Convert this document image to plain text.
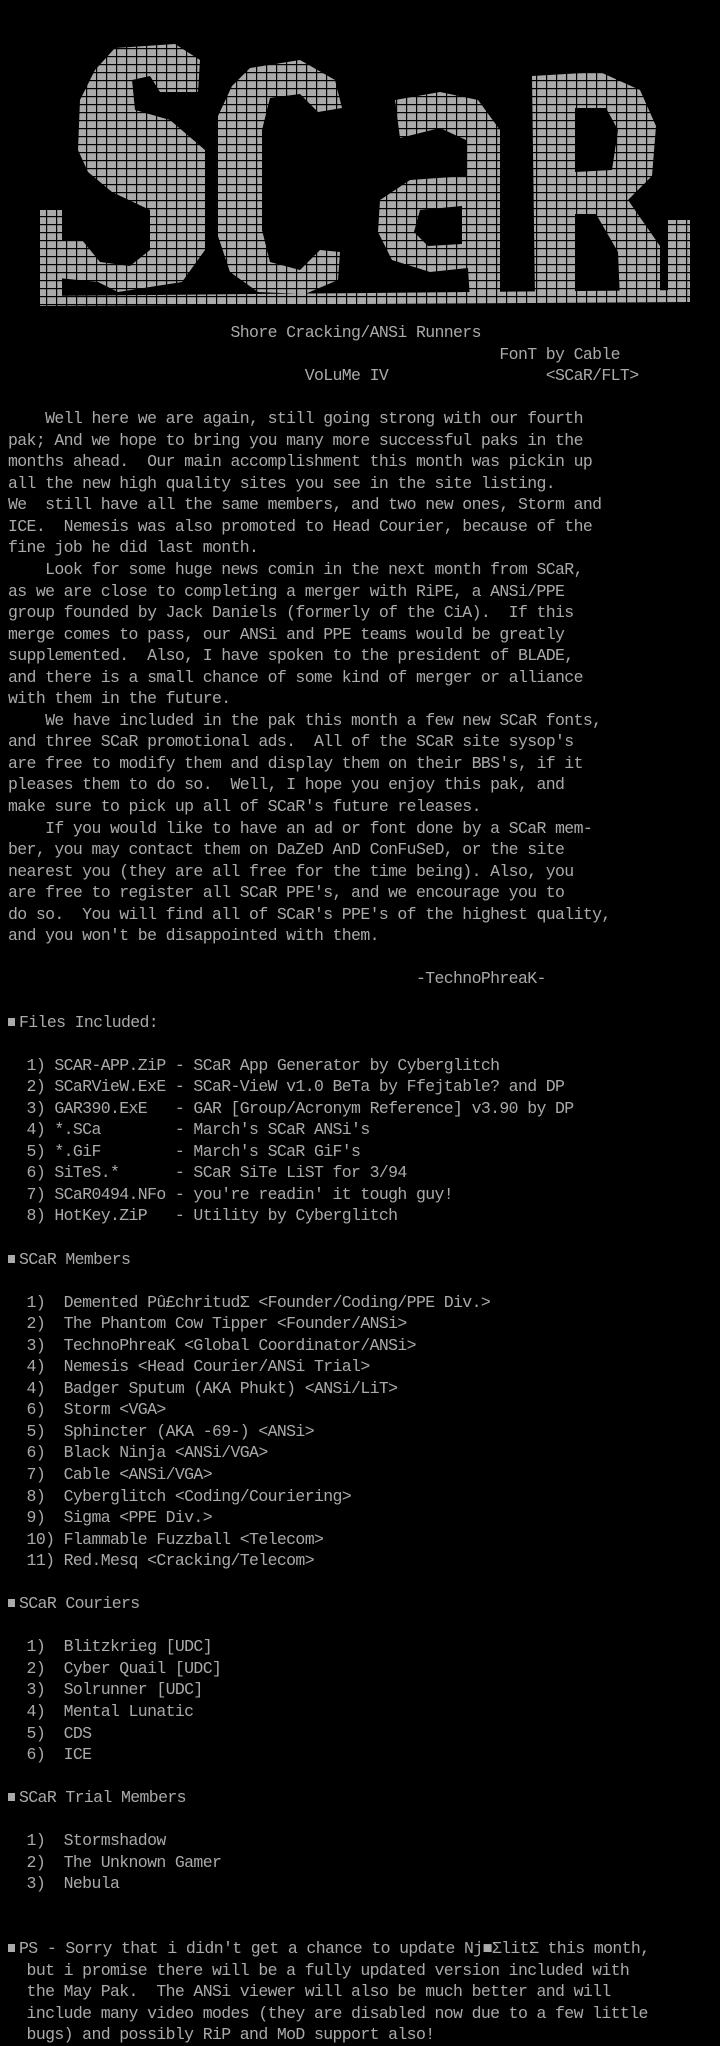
Shore Cracking/ANSi Runners
FonT by Cable
VoLuMe IV                 <SCaR/FLT>

Well here we are again, still going strong with our fourth
pak; And we hope to bring you many more successful paks in the
months ahead.  Our main accomplishment this month was pickin up
all the new high quality sites you see in the site listing.
We  still have all the same members, and two new ones, Storm and
ICE.  Nemesis was also promoted to Head Courier, because of the
fine job he did last month.
Look for some huge news comin in the next month from SCaR,
as we are close to completing a merger with RiPE, a ANSi/PPE
group founded by Jack Daniels (formerly of the CiA).  If this
merge comes to pass, our ANSi and PPE teams would be greatly
supplemented.  Also, I have spoken to the president of BLADE,
and there is a small chance of some kind of merger or alliance
with them in the future.
We have included in the pak this month a few new SCaR fonts,
and three SCaR promotional ads.  All of the SCaR site sysop's
are free to modify them and display them on their BBS's, if it
pleases them to do so.  Well, I hope you enjoy this pak, and
make sure to pick up all of SCaR's future releases.
If you would like to have an ad or font done by a SCaR mem-
ber, you may contact them on DaZeD AnD ConFuSeD, or the site
nearest you (they are all free for the time being). Also, you
are free to register all SCaR PPE's, and we encourage you to
do so.  You will find all of SCaR's PPE's of the highest quality,
and you won't be disappointed with them.

-TechnoPhreaK-

Files Included:

1) SCAR-APP.ZiP - SCaR App Generator by Cyberglitch
2) SCaRVieW.ExE - SCaR-VieW v1.0 BeTa by Ffejtable? and DP
3) GAR390.ExE   - GAR [Group/Acronym Reference] v3.90 by DP
4) *.SCa        - March's SCaR ANSi's
5) *.GiF        - March's SCaR GiF's
6) SiTeS.*      - SCaR SiTe LiST for 3/94
7) SCaR0494.NFo - you're readin' it tough guy!
8) HotKey.ZiP   - Utility by Cyberglitch

SCaR Members

1)  Demented Pû£chritudΣ <Founder/Coding/PPE Div.>
2)  The Phantom Cow Tipper <Founder/ANSi>
3)  TechnoPhreaK <Global Coordinator/ANSi>
4)  Nemesis <Head Courier/ANSi Trial>
4)  Badger Sputum (AKA Phukt) <ANSi/LiT>
6)  Storm <VGA>
5)  Sphincter (AKA -69-) <ANSi>
6)  Black Ninja <ANSi/VGA>
7)  Cable <ANSi/VGA>
8)  Cyberglitch <Coding/Couriering>
9)  Sigma <PPE Div.>
10) Flammable Fuzzball <Telecom>
11) Red.Mesq <Cracking/Telecom>

SCaR Couriers

1)  Blitzkrieg [UDC]
2)  Cyber Quail [UDC]
3)  Solrunner [UDC]
4)  Mental Lunatic
5)  CDS
6)  ICE

SCaR Trial Members

1)  Stormshadow
2)  The Unknown Gamer
3)  Nebula

PS - Sorry that i didn't get a chance to update Nj■ΣlitΣ this month,
but i promise there will be a fully updated version included with
the May Pak.  The ANSi viewer will also be much better and will
include many video modes (they are disabled now due to a few little
bugs) and possibly RiP and MoD support also!
